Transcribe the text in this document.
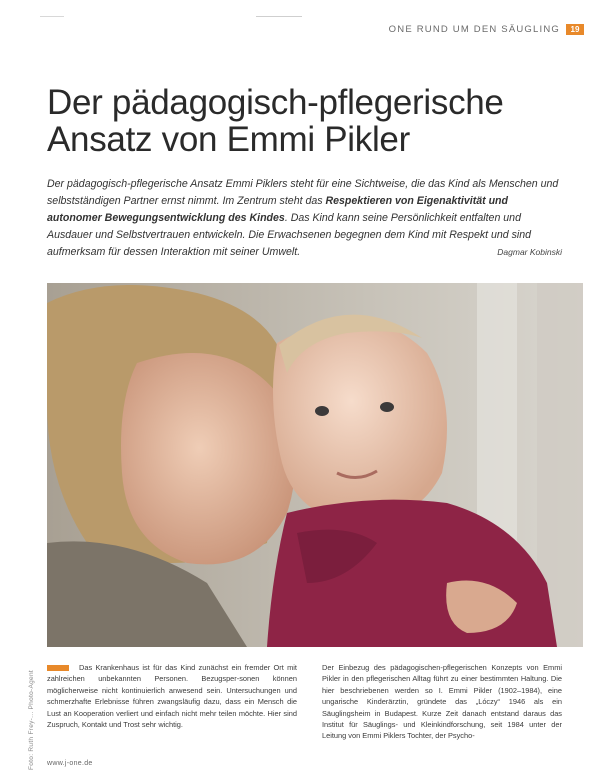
ONE RUND UM DEN SÄUGLING	19
Der pädagogisch-pflegerische
Ansatz von Emmi Pikler

Der pädagogisch-pflegerische Ansatz Emmi Piklers steht für eine Sichtweise, die das Kind als Menschen und selbstständigen Partner ernst nimmt. Im Zentrum steht das Respektieren von Eigenaktivität und autonomer Bewegungsentwicklung des Kindes. Das Kind kann seine Persönlichkeit entfalten und Ausdauer und Selbstvertrauen entwickeln. Die Erwachsenen begegnen dem Kind mit Respekt und sind aufmerksam für dessen Interaktion mit seiner Umwelt.	Dagmar Kobinski
Foto: Ruth Frey-... Photo-Agent
Das Krankenhaus ist für das Kind zunächst ein fremder Ort mit zahlreichen unbekannten Personen. Bezugsper-sonen können möglicherweise nicht kontinuierlich anwesend sein. Untersuchungen und schmerzhafte Erlebnisse führen zwangsläufig dazu, dass ein Mensch die Lust an Kooperation verliert und einfach nicht mehr teilen möchte. Hier sind Zuspruch, Kontakt und Trost sehr wichtig.
Der Einbezug des pädagogischen-pflegerischen Konzepts von Emmi Pikler in den pflegerischen Alltag führt zu einer bestimmten Haltung. Die hier beschriebenen werden so I. Emmi Pikler (1902–1984), eine ungarische Kinderärztin, gründete das „Lóczy“ 1946 als ein Säuglingsheim in Budapest. Kurze Zeit danach entstand daraus das Institut für Säuglings- und Kleinkindforschung, seit 1984 unter der Leitung von Emmi Piklers Tochter, der Psycho-
www.j-one.de
